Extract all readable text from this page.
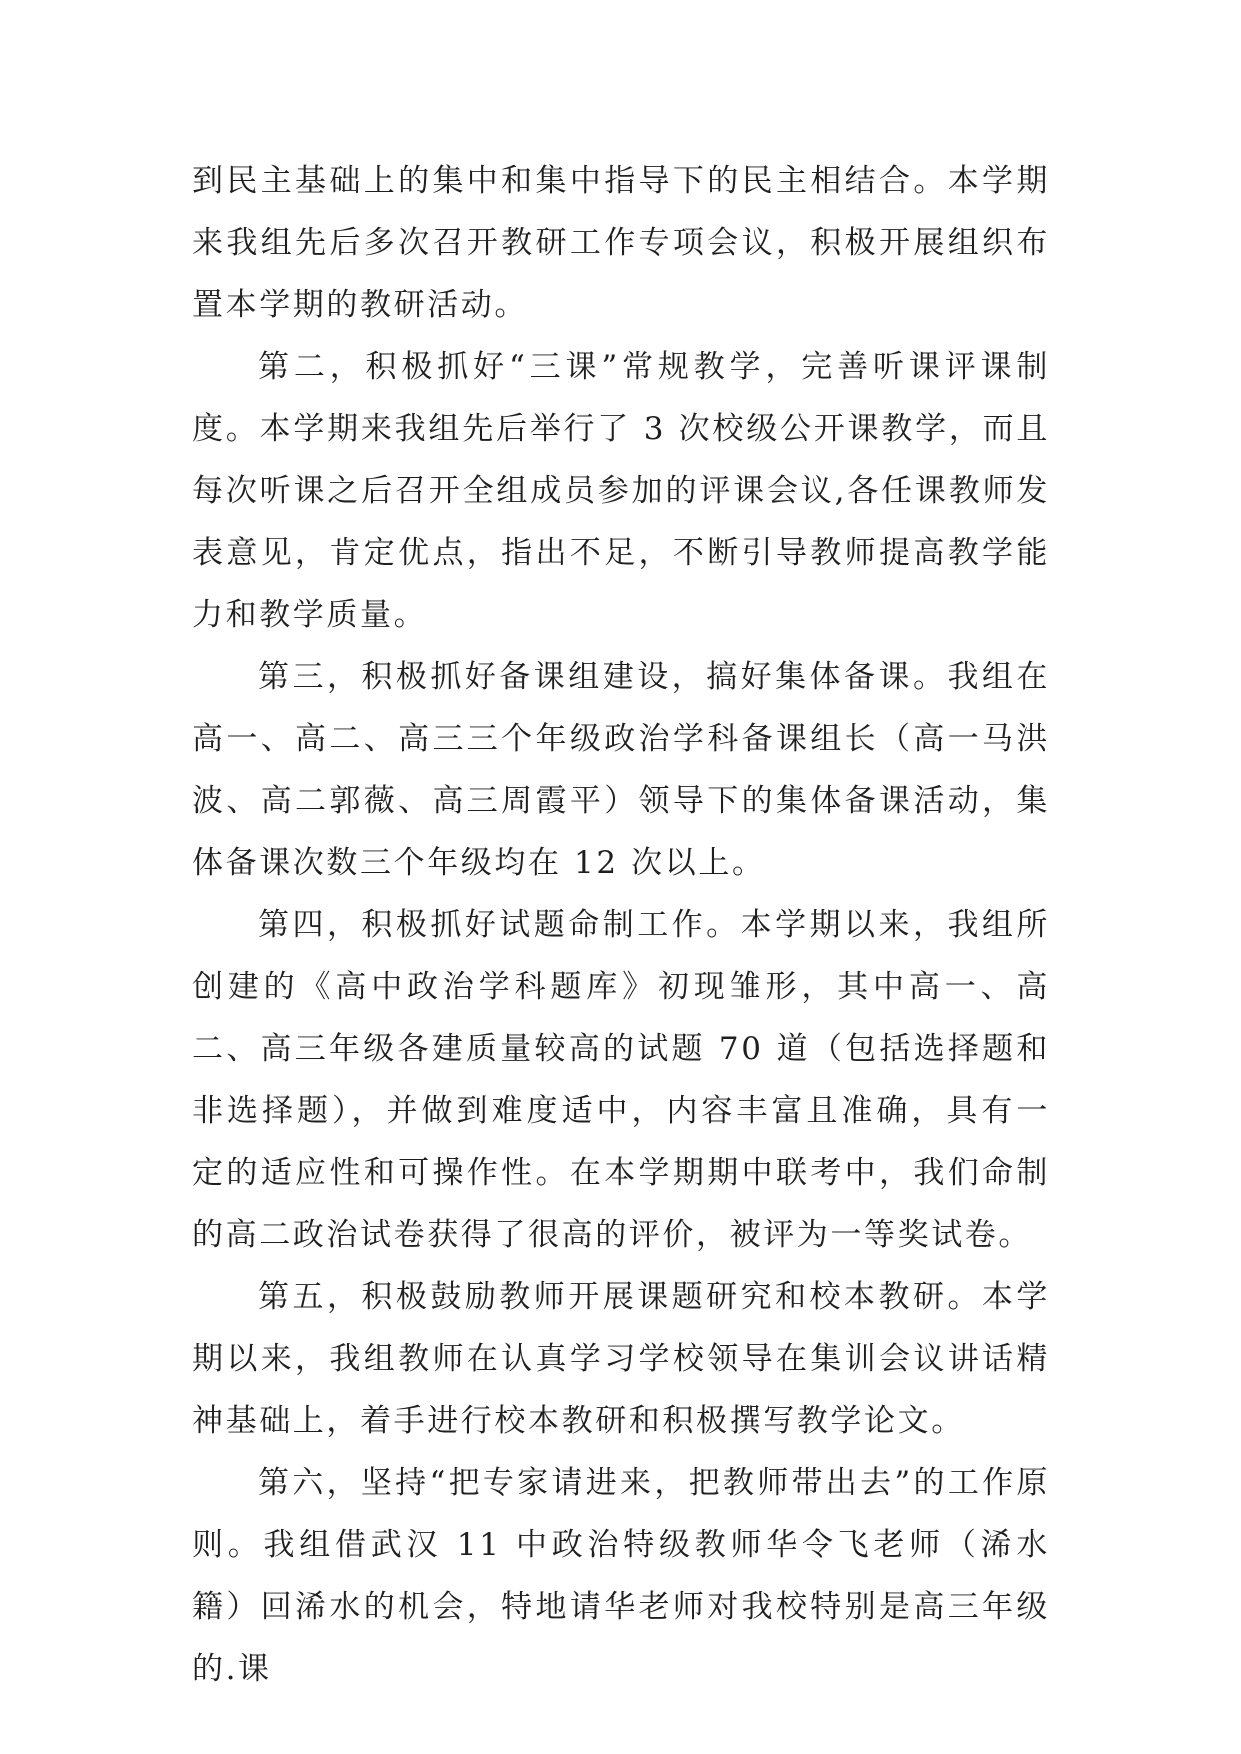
到民主基础上的集中和集中指导下的民主相结合。本学期来我组先后多次召开教研工作专项会议，积极开展组织布置本学期的教研活动。

第二，积极抓好“三课”常规教学，完善听课评课制度。本学期来我组先后举行了 3 次校级公开课教学，而且每次听课之后召开全组成员参加的评课会议,各任课教师发表意见，肯定优点，指出不足，不断引导教师提高教学能力和教学质量。

第三，积极抓好备课组建设，搞好集体备课。我组在高一、高二、高三三个年级政治学科备课组长（高一马洪波、高二郭薇、高三周霞平）领导下的集体备课活动，集体备课次数三个年级均在 12 次以上。

第四，积极抓好试题命制工作。本学期以来，我组所创建的《高中政治学科题库》初现雏形，其中高一、高二、高三年级各建质量较高的试题 70 道（包括选择题和非选择题），并做到难度适中，内容丰富且准确，具有一定的适应性和可操作性。在本学期期中联考中，我们命制的高二政治试卷获得了很高的评价，被评为一等奖试卷。

第五，积极鼓励教师开展课题研究和校本教研。本学期以来，我组教师在认真学习学校领导在集训会议讲话精神基础上，着手进行校本教研和积极撰写教学论文。

第六，坚持“把专家请进来，把教师带出去”的工作原则。我组借武汉 11 中政治特级教师华令飞老师（浠水籍）回浠水的机会，特地请华老师对我校特别是高三年级的.课
